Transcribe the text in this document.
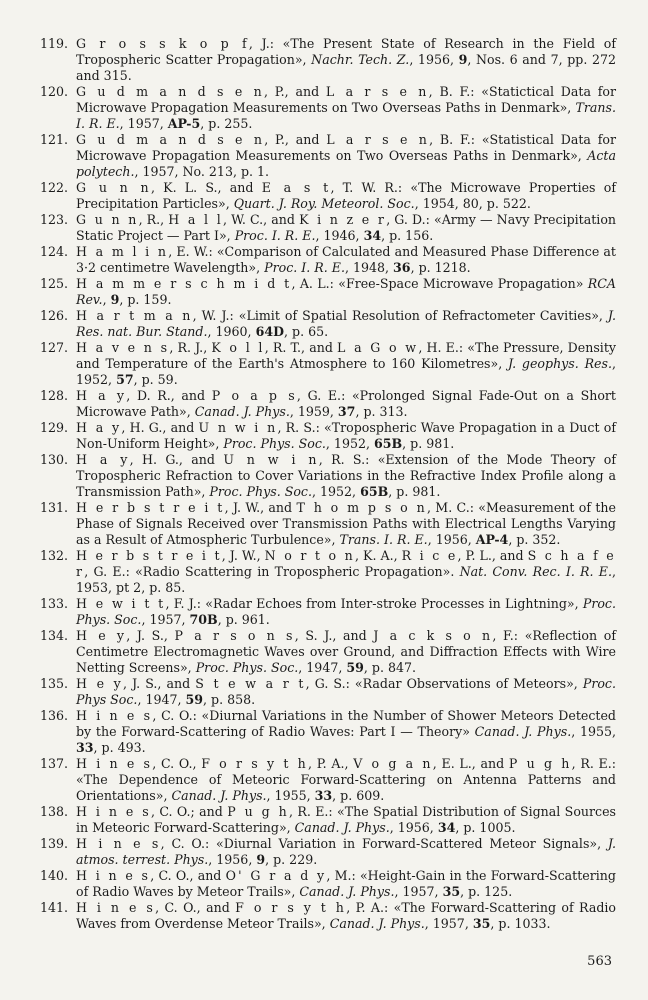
119. G r o s s k o p f, J.: «The Present State of Research in the Field of Tropospheric Scatter Propagation», Nachr. Tech. Z., 1956, 9, Nos. 6 and 7, pp. 272 and 315.
120. G u d m a n d s e n, P., and L a r s e n, B. F.: «Statictical Data for Microwave Propagation Measurements on Two Overseas Paths in Denmark», Trans. I. R. E., 1957, AP-5, p. 255.
121. G u d m a n d s e n, P., and L a r s e n, B. F.: «Statistical Data for Microwave Propagation Measurements on Two Overseas Paths in Denmark», Acta polytech., 1957, No. 213, p. 1.
122. G u n n, K. L. S., and E a s t, T. W. R.: «The Microwave Properties of Precipitation Particles», Quart. J. Roy. Meteorol. Soc., 1954, 80, p. 522.
123. G u n n, R., H a l l, W. C., and K i n z e r, G. D.: «Army — Navy Precipitation Static Project — Part I», Proc. I. R. E., 1946, 34, p. 156.
124. H a m l i n, E. W.: «Comparison of Calculated and Measured Phase Difference at 3·2 centimetre Wavelength», Proc. I. R. E., 1948, 36, p. 1218.
125. H a m m e r s c h m i d t, A. L.: «Free-Space Microwave Propagation» RCA Rev., 9, p. 159.
126. H a r t m a n, W. J.: «Limit of Spatial Resolution of Refractometer Cavities», J. Res. nat. Bur. Stand., 1960, 64D, p. 65.
127. H a v e n s, R. J., K o l l, R. T., and L a G o w, H. E.: «The Pressure, Density and Temperature of the Earth's Atmosphere to 160 Kilometres», J. geophys. Res., 1952, 57, p. 59.
128. H a y, D. R., and P o a p s, G. E.: «Prolonged Signal Fade-Out on a Short Microwave Path», Canad. J. Phys., 1959, 37, p. 313.
129. H a y, H. G., and U n w i n, R. S.: «Tropospheric Wave Propagation in a Duct of Non-Uniform Height», Proc. Phys. Soc., 1952, 65B, p. 981.
130. H a y, H. G., and U n w i n, R. S.: «Extension of the Mode Theory of Tropospheric Refraction to Cover Variations in the Refractive Index Profile along a Transmission Path», Proc. Phys. Soc., 1952, 65B, p. 981.
131. H e r b s t r e i t, J. W., and T h o m p s o n, M. C.: «Measurement of the Phase of Signals Received over Transmission Paths with Electrical Lengths Varying as a Result of Atmospheric Turbulence», Trans. I. R. E., 1956, AP-4, p. 352.
132. H e r b s t r e i t, J. W., N o r t o n, K. A., R i c e, P. L., and S c h a f e r, G. E.: «Radio Scattering in Tropospheric Propagation». Nat. Conv. Rec. I. R. E., 1953, pt 2, p. 85.
133. H e w i t t, F. J.: «Radar Echoes from Inter-stroke Processes in Lightning», Proc. Phys. Soc., 1957, 70B, p. 961.
134. H e y, J. S., P a r s o n s, S. J., and J a c k s o n, F.: «Reflection of Centimetre Electromagnetic Waves over Ground, and Diffraction Effects with Wire Netting Screens», Proc. Phys. Soc., 1947, 59, p. 847.
135. H e y, J. S., and S t e w a r t, G. S.: «Radar Observations of Meteors», Proc. Phys Soc., 1947, 59, p. 858.
136. H i n e s, C. O.: «Diurnal Variations in the Number of Shower Meteors Detected by the Forward-Scattering of Radio Waves: Part I — Theory» Canad. J. Phys., 1955, 33, p. 493.
137. H i n e s, C. O., F o r s y t h, P. A., V o g a n, E. L., and P u g h, R. E.: «The Dependence of Meteoric Forward-Scattering on Antenna Patterns and Orientations», Canad. J. Phys., 1955, 33, p. 609.
138. H i n e s, C. O.; and P u g h, R. E.: «The Spatial Distribution of Signal Sources in Meteoric Forward-Scattering», Canad. J. Phys., 1956, 34, p. 1005.
139. H i n e s, C. O.: «Diurnal Variation in Forward-Scattered Meteor Signals», J. atmos. terrest. Phys., 1956, 9, p. 229.
140. H i n e s, C. O., and O' G r a d y, M.: «Height-Gain in the Forward-Scattering of Radio Waves by Meteor Trails», Canad. J. Phys., 1957, 35, p. 125.
141. H i n e s, C. O., and F o r s y t h, P. A.: «The Forward-Scattering of Radio Waves from Overdense Meteor Trails», Canad. J. Phys., 1957, 35, p. 1033.
563
